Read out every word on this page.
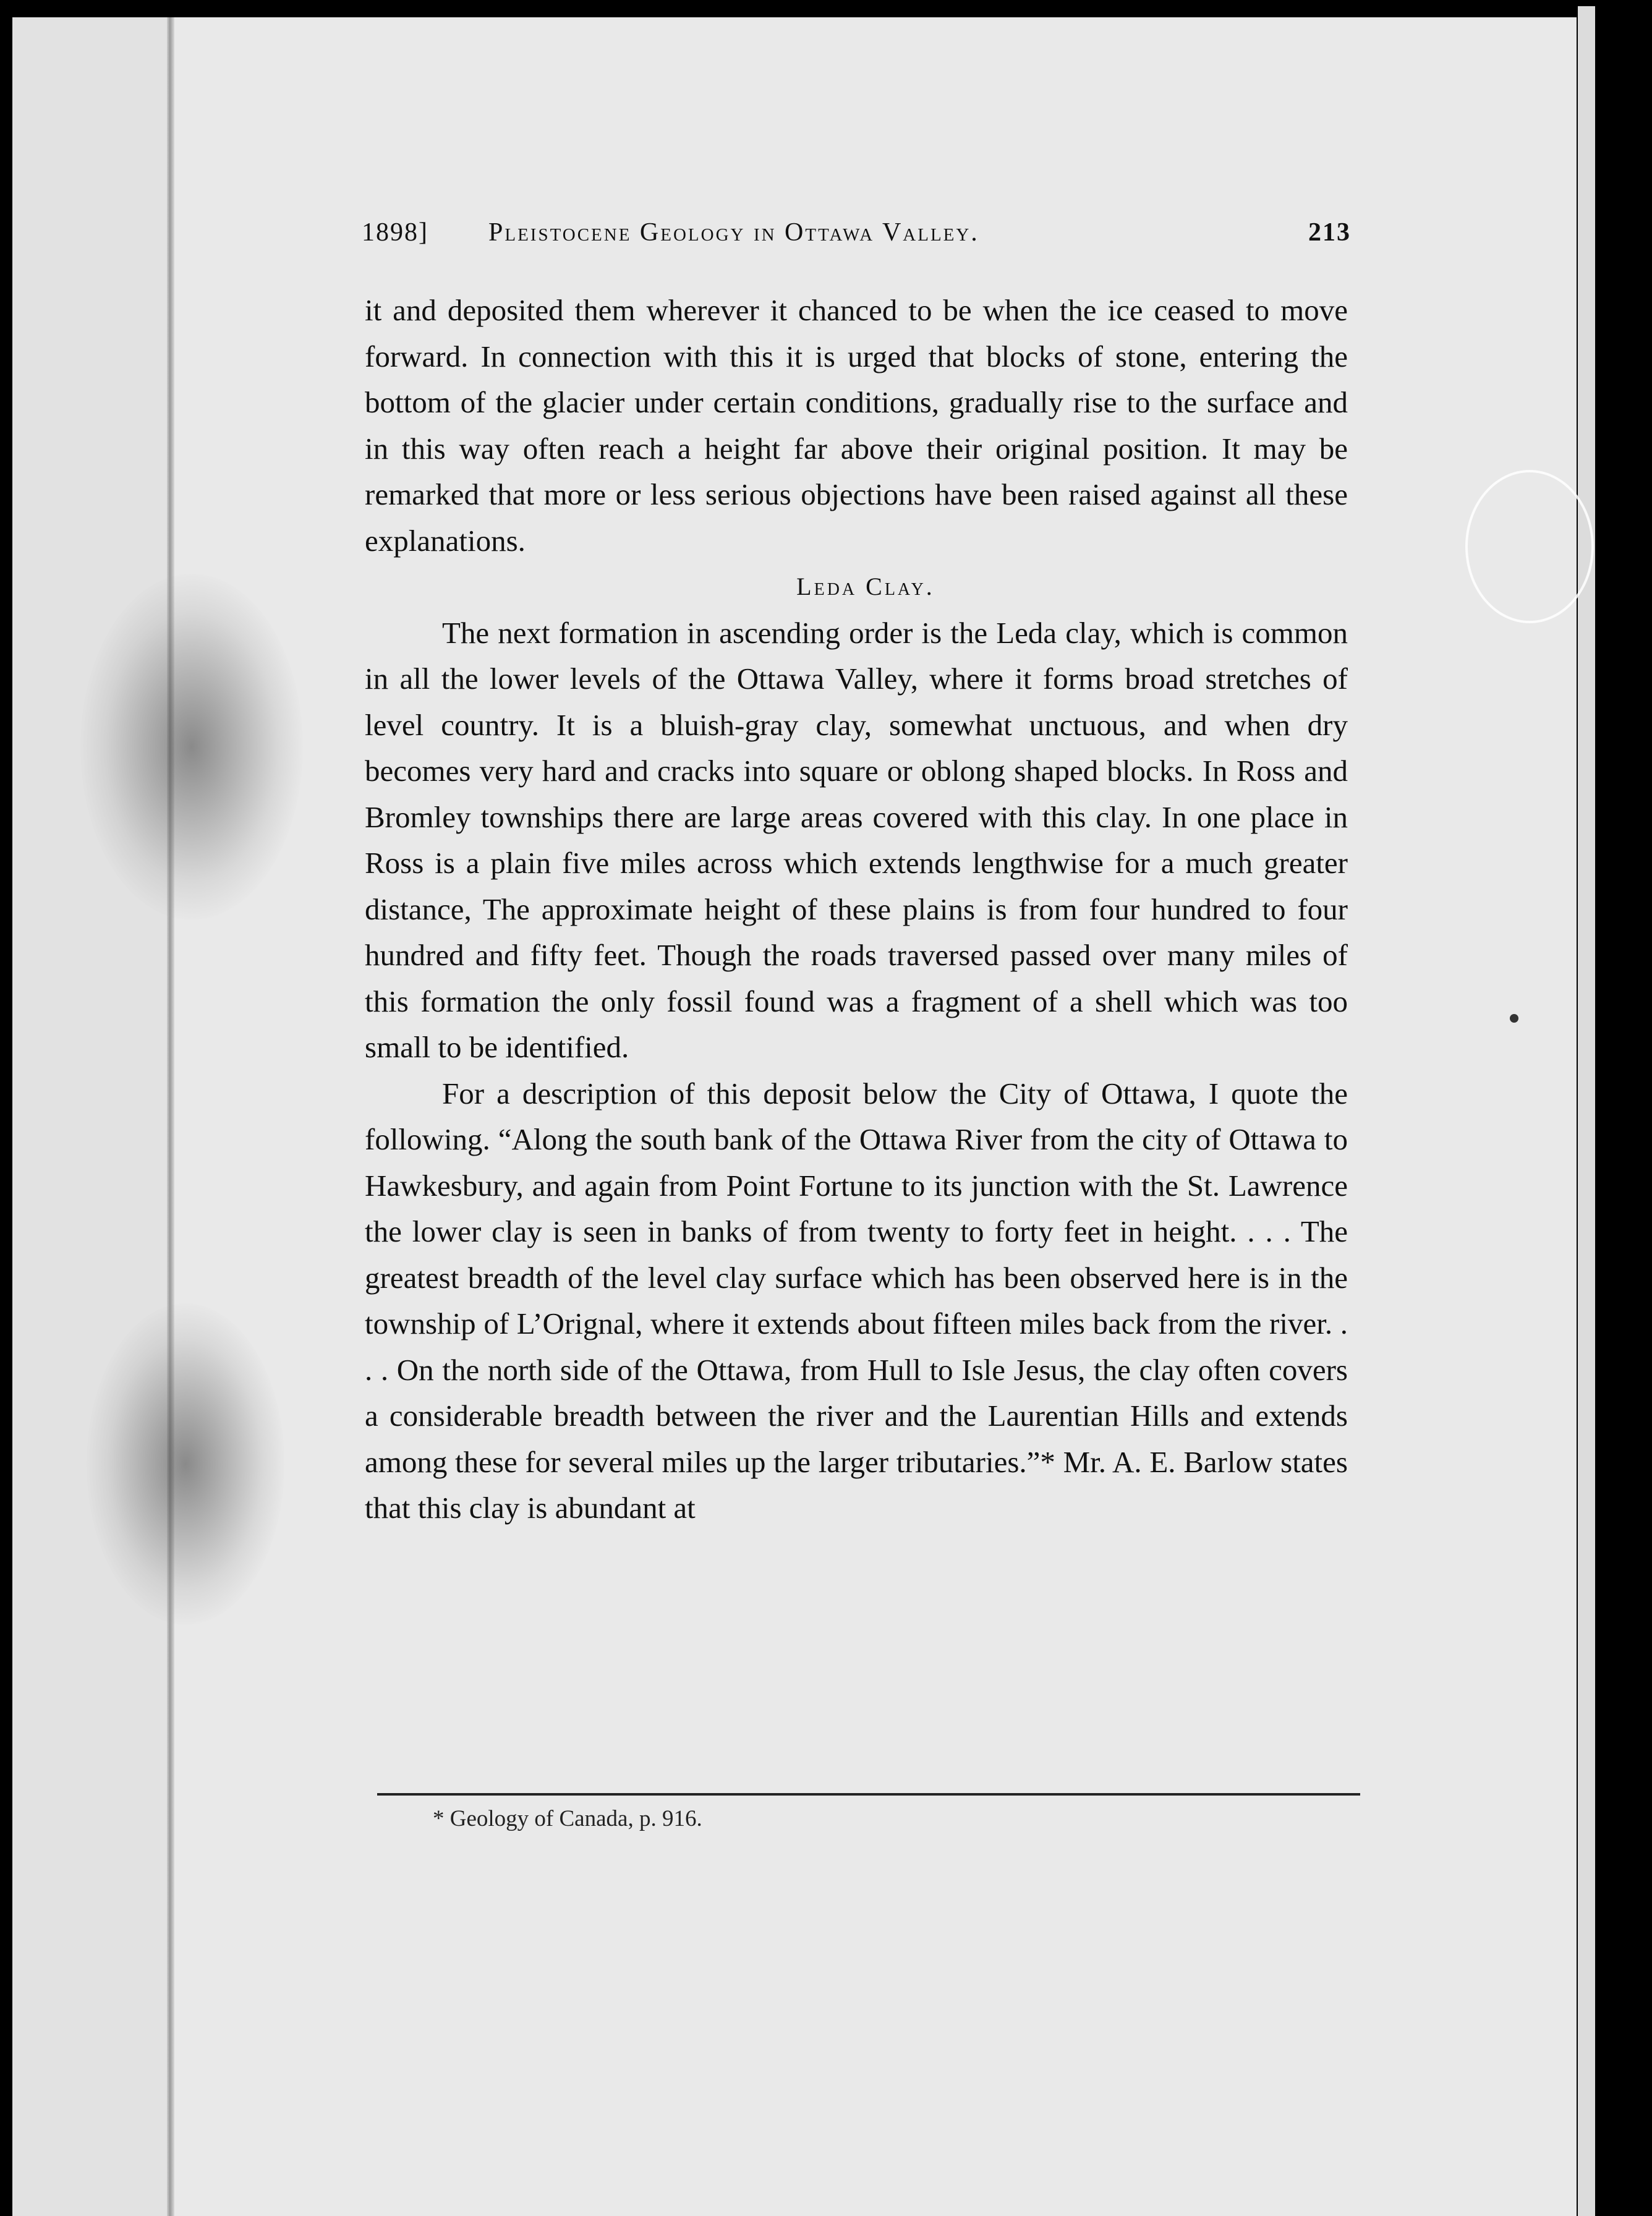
1898] Pleistocene Geology in Ottawa Valley.	213

it and deposited them wherever it chanced to be when the ice ceased to move forward. In connection with this it is urged that blocks of stone, entering the bottom of the glacier under certain conditions, gradually rise to the surface and in this way often reach a height far above their original position. It may be remarked that more or less serious objections have been raised against all these explanations.

Leda Clay.

The next formation in ascending order is the Leda clay, which is common in all the lower levels of the Ottawa Valley, where it forms broad stretches of level country. It is a bluish-gray clay, somewhat unctuous, and when dry becomes very hard and cracks into square or oblong shaped blocks. In Ross and Bromley townships there are large areas covered with this clay. In one place in Ross is a plain five miles across which extends lengthwise for a much greater distance, The approximate height of these plains is from four hundred to four hundred and fifty feet. Though the roads traversed passed over many miles of this formation the only fossil found was a fragment of a shell which was too small to be identified.

For a description of this deposit below the City of Ottawa, I quote the following. “Along the south bank of the Ottawa River from the city of Ottawa to Hawkesbury, and again from Point Fortune to its junction with the St. Lawrence the lower clay is seen in banks of from twenty to forty feet in height. . . . The greatest breadth of the level clay surface which has been observed here is in the township of L’Orignal, where it extends about fifteen miles back from the river. . . . On the north side of the Ottawa, from Hull to Isle Jesus, the clay often covers a considerable breadth between the river and the Laurentian Hills and extends among these for several miles up the larger tributaries.”* Mr. A. E. Barlow states that this clay is abundant at

* Geology of Canada, p. 916.
